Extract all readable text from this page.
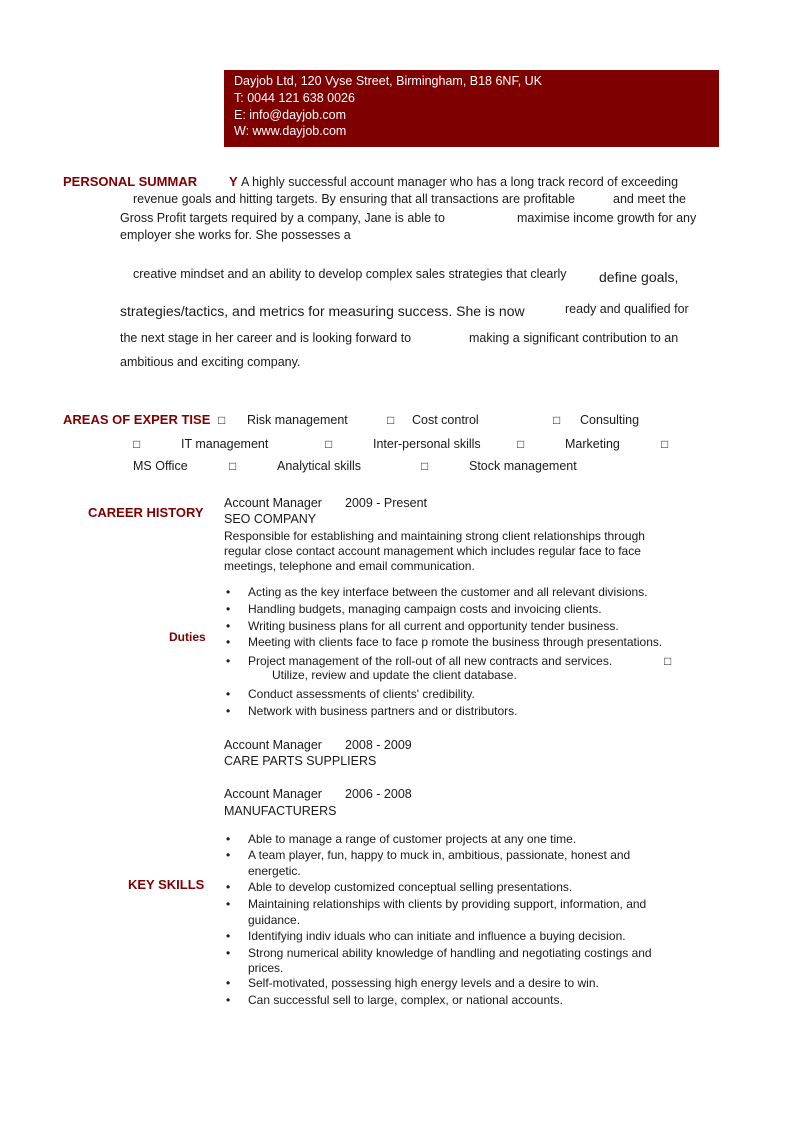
Dayjob Ltd, 120 Vyse Street, Birmingham, B18 6NF, UK
T: 0044 121 638 0026
E: info@dayjob.com
W: www.dayjob.com
PERSONAL SUMMAR Y A highly successful account manager who has a long track record of exceeding
revenue goals and hitting targets. By ensuring that all transactions are profitable	and meet the
Gross Profit targets required by a company, Jane is able to	maximise income growth for any
employer she works for. She possesses a
creative mindset and an ability to develop complex sales strategies that clearly define goals,
strategies/tactics, and metrics for measuring success. She is now	ready and qualified for
the next stage in her career and is looking forward to	making a significant contribution to an
ambitious and exciting company.
AREAS OF EXPER TISE □ Risk management	□ Cost control	□ Consulting
□	IT management	□	Inter-personal skills	□	Marketing	□
MS Office	□	Analytical skills	□	Stock management
CAREER HISTORY
Account Manager 2009 - Present
SEO COMPANY
Responsible for establishing and maintaining strong client relationships through
regular close contact account management which includes regular face to face
meetings, telephone and email communication.
Duties
• Acting as the key interface between the customer and all relevant divisions.
• Handling budgets, managing campaign costs and invoicing clients.
• Writing business plans for all current and opportunity tender business.
• Meeting with clients face to face p romote the business through presentations.
• Project management of the roll-out of all new contracts and services.	□
Utilize, review and update the client database.
• Conduct assessments of clients' credibility.
• Network with business partners and or distributors.
Account Manager 2008 - 2009
CARE PARTS SUPPLIERS
Account Manager 2006 - 2008
MANUFACTURERS
KEY SKILLS
• Able to manage a range of customer projects at any one time.
• A team player, fun, happy to muck in, ambitious, passionate, honest and
energetic.
• Able to develop customized conceptual selling presentations.
• Maintaining relationships with clients by providing support, information, and
guidance.
• Identifying indiv iduals who can initiate and influence a buying decision.
• Strong numerical ability knowledge of handling and negotiating costings and
prices.
• Self-motivated, possessing high energy levels and a desire to win.
• Can successful sell to large, complex, or national accounts.
